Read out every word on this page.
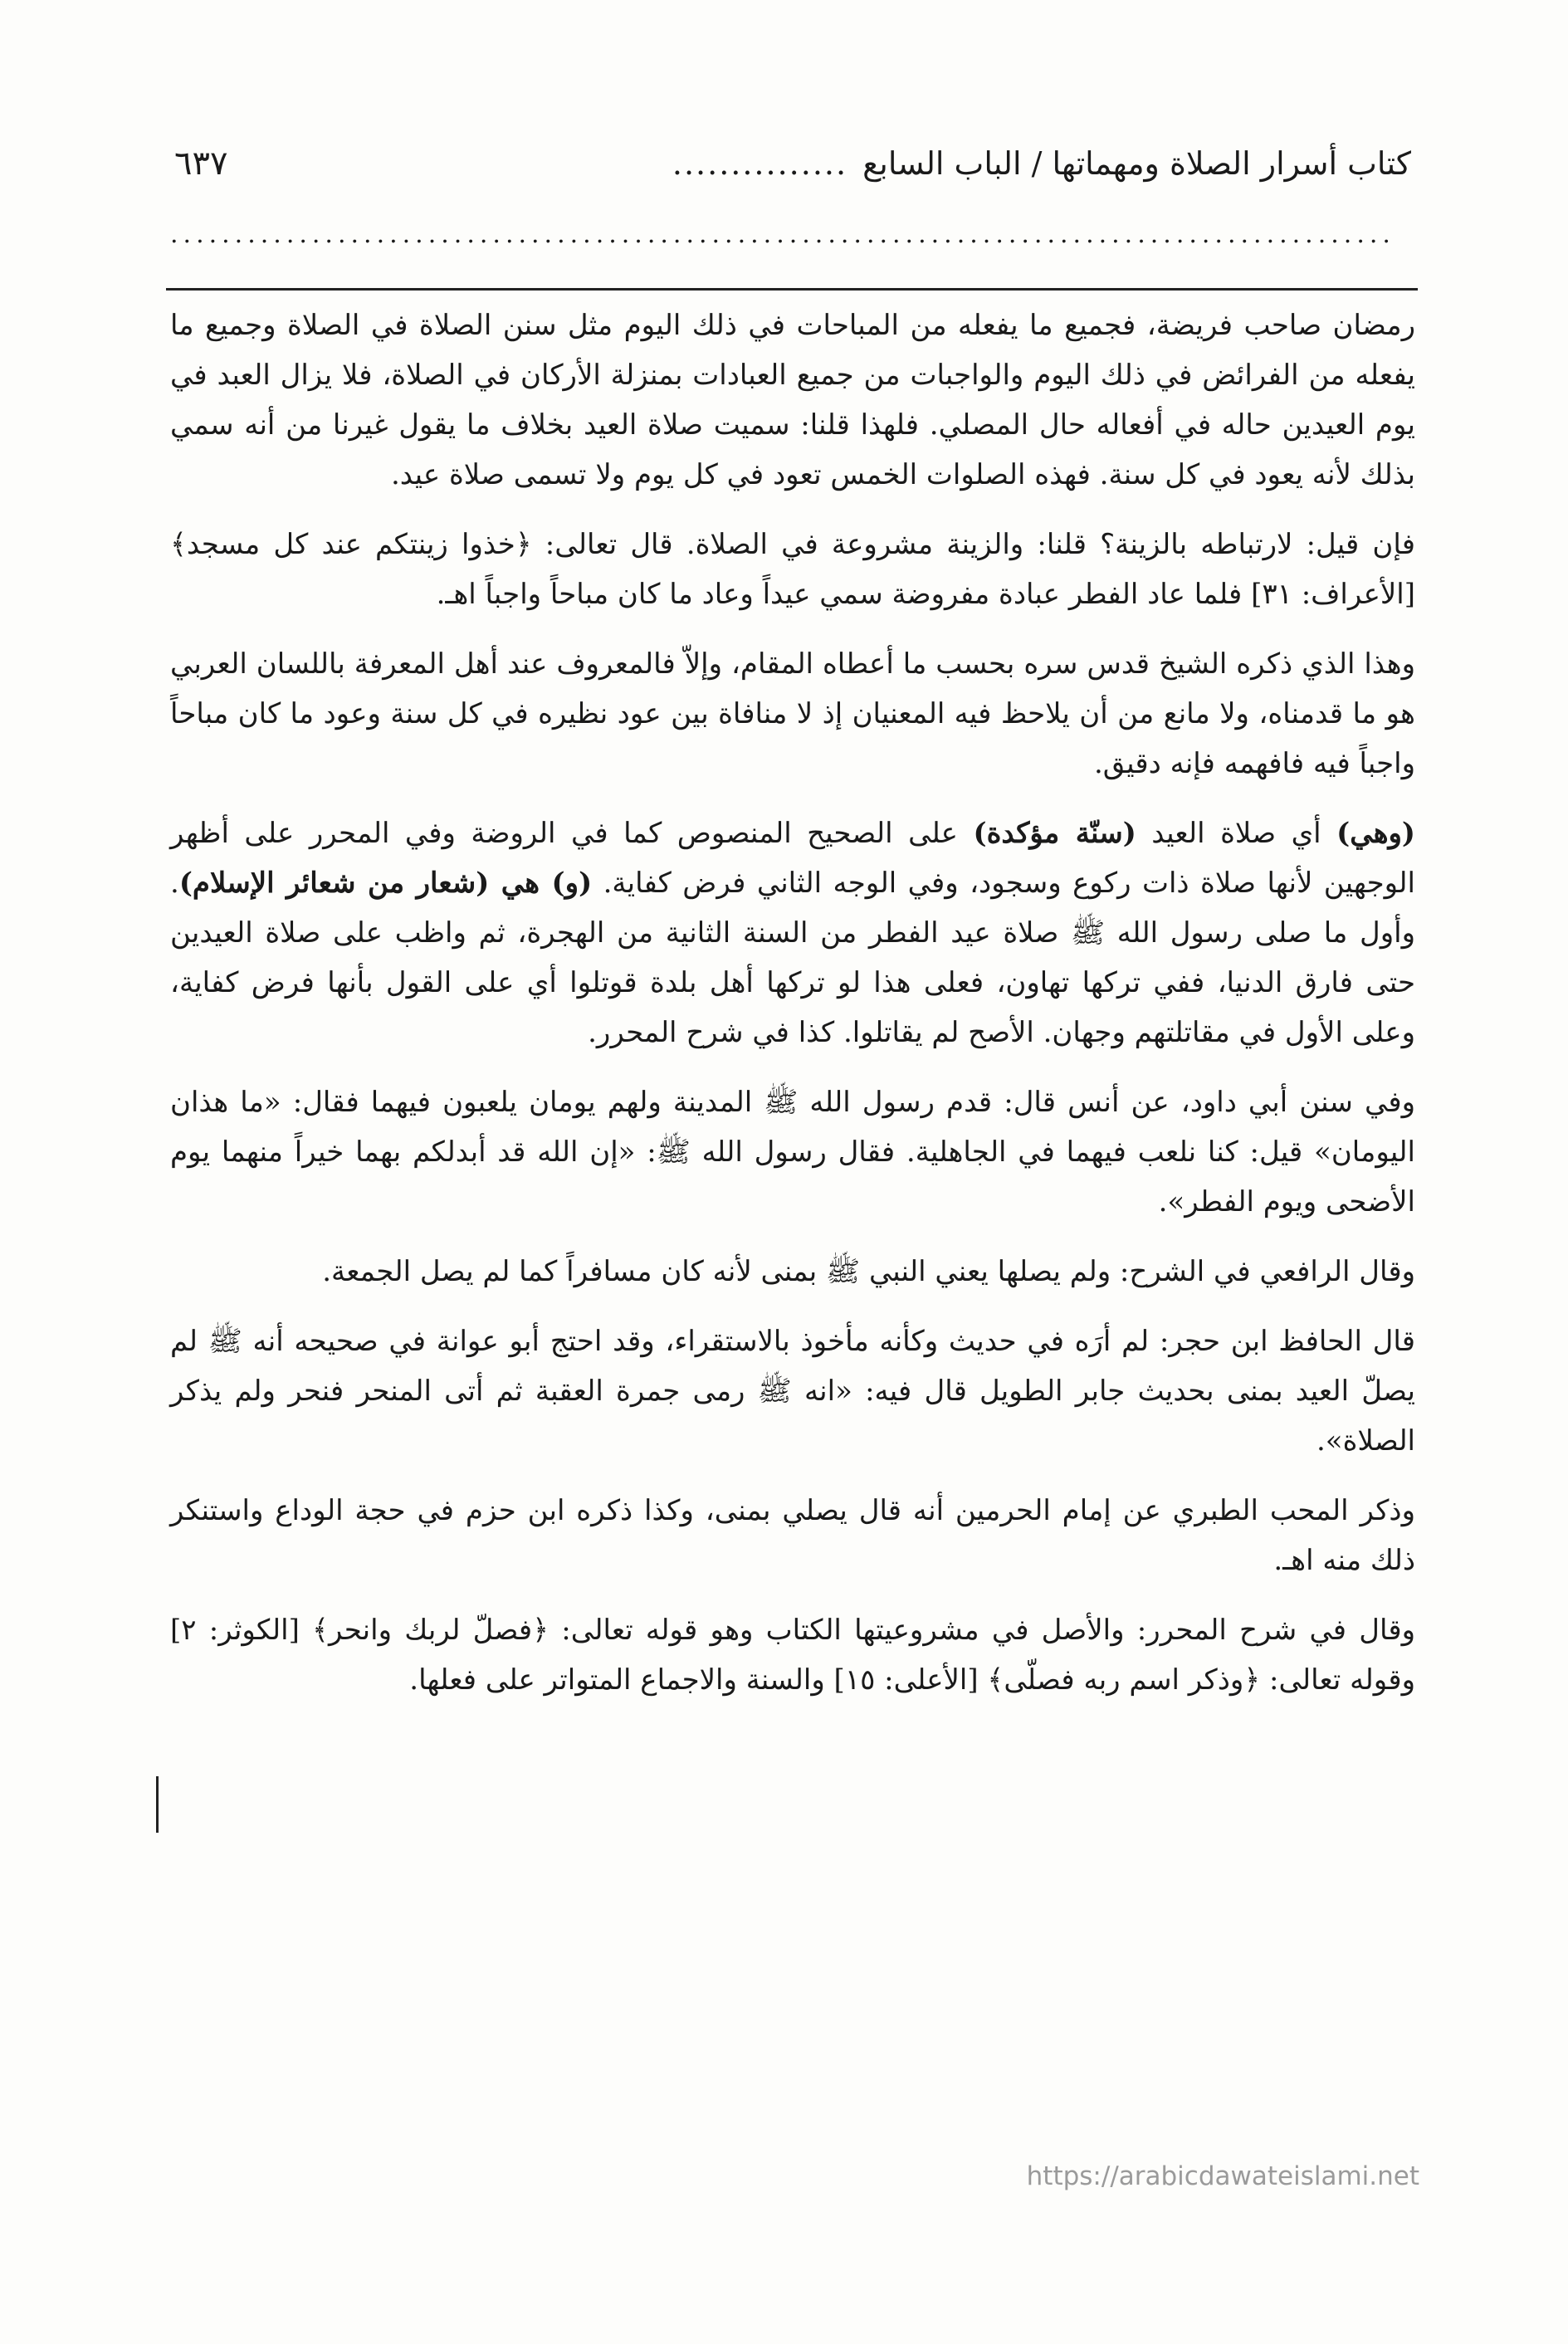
كتاب أسرار الصلاة ومهماتها / الباب السابع
...............
٦٣٧
...............................................................................................

رمضان صاحب فريضة، فجميع ما يفعله من المباحات في ذلك اليوم مثل سنن الصلاة في الصلاة وجميع ما يفعله من الفرائض في ذلك اليوم والواجبات من جميع العبادات بمنزلة الأركان في الصلاة، فلا يزال العبد في يوم العيدين حاله في أفعاله حال المصلي. فلهذا قلنا: سميت صلاة العيد بخلاف ما يقول غيرنا من أنه سمي بذلك لأنه يعود في كل سنة. فهذه الصلوات الخمس تعود في كل يوم ولا تسمى صلاة عيد.

فإن قيل: لارتباطه بالزينة؟ قلنا: والزينة مشروعة في الصلاة. قال تعالى: ﴿خذوا زينتكم عند كل مسجد﴾ [الأعراف: ٣١] فلما عاد الفطر عبادة مفروضة سمي عيداً وعاد ما كان مباحاً واجباً اهـ.

وهذا الذي ذكره الشيخ قدس سره بحسب ما أعطاه المقام، وإلاّ فالمعروف عند أهل المعرفة باللسان العربي هو ما قدمناه، ولا مانع من أن يلاحظ فيه المعنيان إذ لا منافاة بين عود نظيره في كل سنة وعود ما كان مباحاً واجباً فيه فافهمه فإنه دقيق.

(وهي) أي صلاة العيد (سنّة مؤكدة) على الصحيح المنصوص كما في الروضة وفي المحرر على أظهر الوجهين لأنها صلاة ذات ركوع وسجود، وفي الوجه الثاني فرض كفاية. (و) هي (شعار من شعائر الإسلام). وأول ما صلى رسول الله ﷺ صلاة عيد الفطر من السنة الثانية من الهجرة، ثم واظب على صلاة العيدين حتى فارق الدنيا، ففي تركها تهاون، فعلى هذا لو تركها أهل بلدة قوتلوا أي على القول بأنها فرض كفاية، وعلى الأول في مقاتلتهم وجهان. الأصح لم يقاتلوا. كذا في شرح المحرر.

وفي سنن أبي داود، عن أنس قال: قدم رسول الله ﷺ المدينة ولهم يومان يلعبون فيهما فقال: «ما هذان اليومان» قيل: كنا نلعب فيهما في الجاهلية. فقال رسول الله ﷺ: «إن الله قد أبدلكم بهما خيراً منهما يوم الأضحى ويوم الفطر».

وقال الرافعي في الشرح: ولم يصلها يعني النبي ﷺ بمنى لأنه كان مسافراً كما لم يصل الجمعة.

قال الحافظ ابن حجر: لم أرَه في حديث وكأنه مأخوذ بالاستقراء، وقد احتج أبو عوانة في صحيحه أنه ﷺ لم يصلّ العيد بمنى بحديث جابر الطويل قال فيه: «انه ﷺ رمى جمرة العقبة ثم أتى المنحر فنحر ولم يذكر الصلاة».

وذكر المحب الطبري عن إمام الحرمين أنه قال يصلي بمنى، وكذا ذكره ابن حزم في حجة الوداع واستنكر ذلك منه اهـ.

وقال في شرح المحرر: والأصل في مشروعيتها الكتاب وهو قوله تعالى: ﴿فصلّ لربك وانحر﴾ [الكوثر: ٢] وقوله تعالى: ﴿وذكر اسم ربه فصلّى﴾ [الأعلى: ١٥] والسنة والاجماع المتواتر على فعلها.

https://arabicdawateislami.net
